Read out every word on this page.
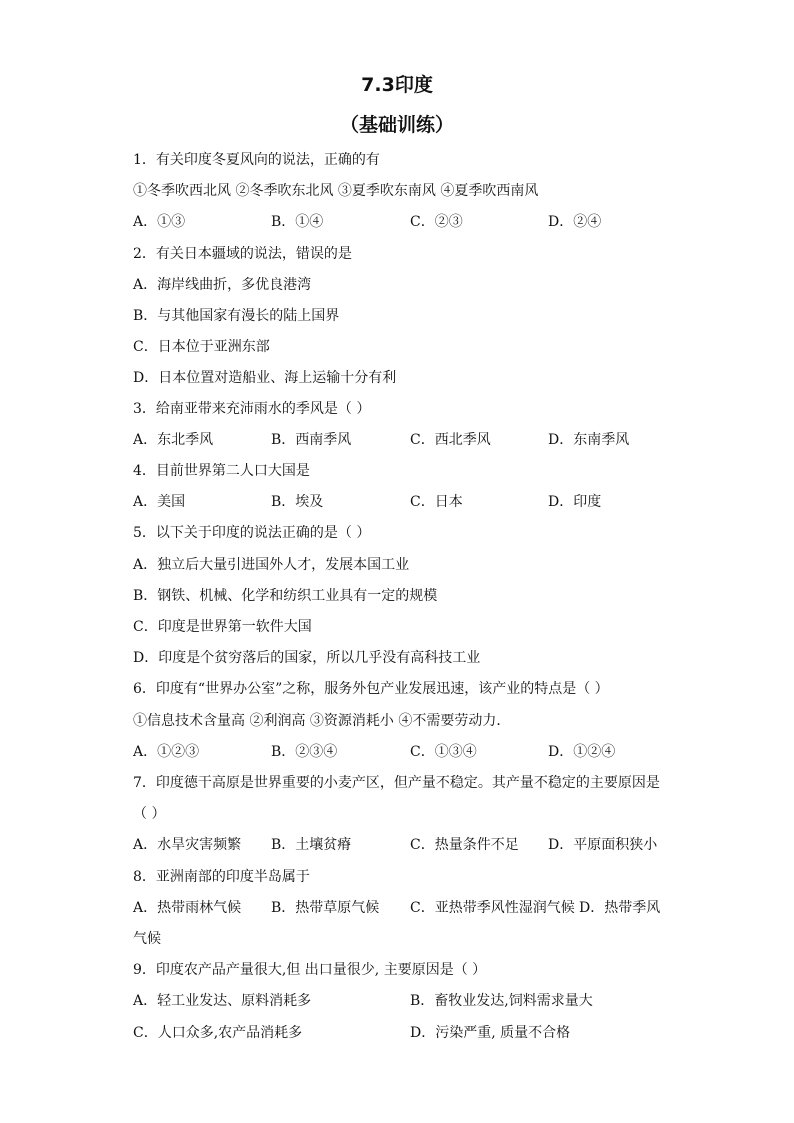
7.3印度
（基础训练）
1．有关印度冬夏风向的说法，正确的有
①冬季吹西北风 ②冬季吹东北风 ③夏季吹东南风 ④夏季吹西南风
A．①③	B．①④	C．②③	D．②④
2．有关日本疆域的说法，错误的是
A．海岸线曲折，多优良港湾
B．与其他国家有漫长的陆上国界
C．日本位于亚洲东部
D．日本位置对造船业、海上运输十分有利
3．给南亚带来充沛雨水的季风是（ ）
A．东北季风	B．西南季风	C．西北季风	D．东南季风
4．目前世界第二人口大国是
A．美国	B．埃及	C．日本	D．印度
5．以下关于印度的说法正确的是（ ）
A．独立后大量引进国外人才，发展本国工业
B．钢铁、机械、化学和纺织工业具有一定的规模
C．印度是世界第一软件大国
D．印度是个贫穷落后的国家，所以几乎没有高科技工业
6．印度有“世界办公室”之称，服务外包产业发展迅速，该产业的特点是（ ）
①信息技术含量高 ②利润高 ③资源消耗小 ④不需要劳动力．
A．①②③	B．②③④	C．①③④	D．①②④
7．印度德干高原是世界重要的小麦产区，但产量不稳定。其产量不稳定的主要原因是
（ ）
A．水旱灾害频繁 B．土壤贫瘠	C．热量条件不足 D．平原面积狭小
8．亚洲南部的印度半岛属于
A．热带雨林气候 B．热带草原气候 C．亚热带季风性湿润气候 D．热带季风
气候
9．印度农产品产量很大,但 出口量很少, 主要原因是（ ）
A．轻工业发达、原料消耗多	B．畜牧业发达,饲料需求量大
C．人口众多,农产品消耗多	D．污染严重, 质量不合格
